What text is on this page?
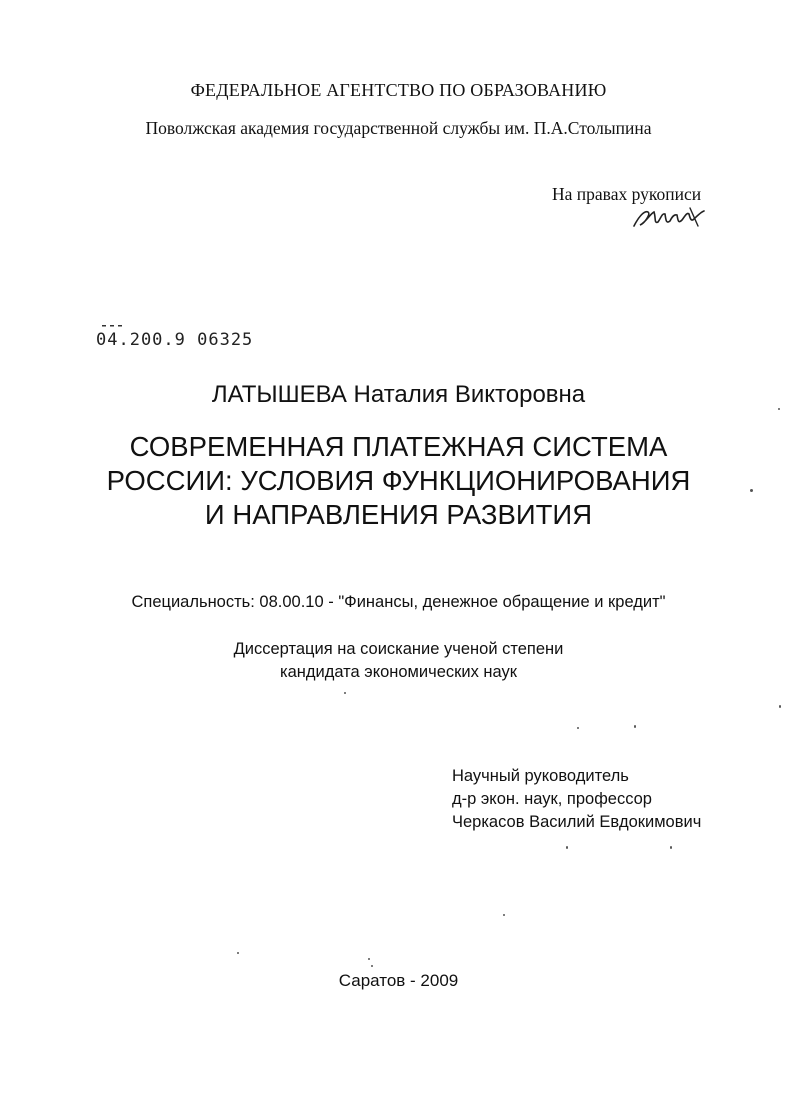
ФЕДЕРАЛЬНОЕ АГЕНТСТВО ПО ОБРАЗОВАНИЮ
Поволжская академия государственной службы им. П.А.Столыпина
На правах рукописи
04.200.9 06325
ЛАТЫШЕВА Наталия Викторовна
СОВРЕМЕННАЯ ПЛАТЕЖНАЯ СИСТЕМА
РОССИИ: УСЛОВИЯ ФУНКЦИОНИРОВАНИЯ
И НАПРАВЛЕНИЯ РАЗВИТИЯ
Специальность: 08.00.10 - "Финансы, денежное обращение и кредит"
Диссертация на соискание ученой степени
кандидата экономических наук
Научный руководитель
д-р экон. наук, профессор
Черкасов Василий Евдокимович
Саратов - 2009
